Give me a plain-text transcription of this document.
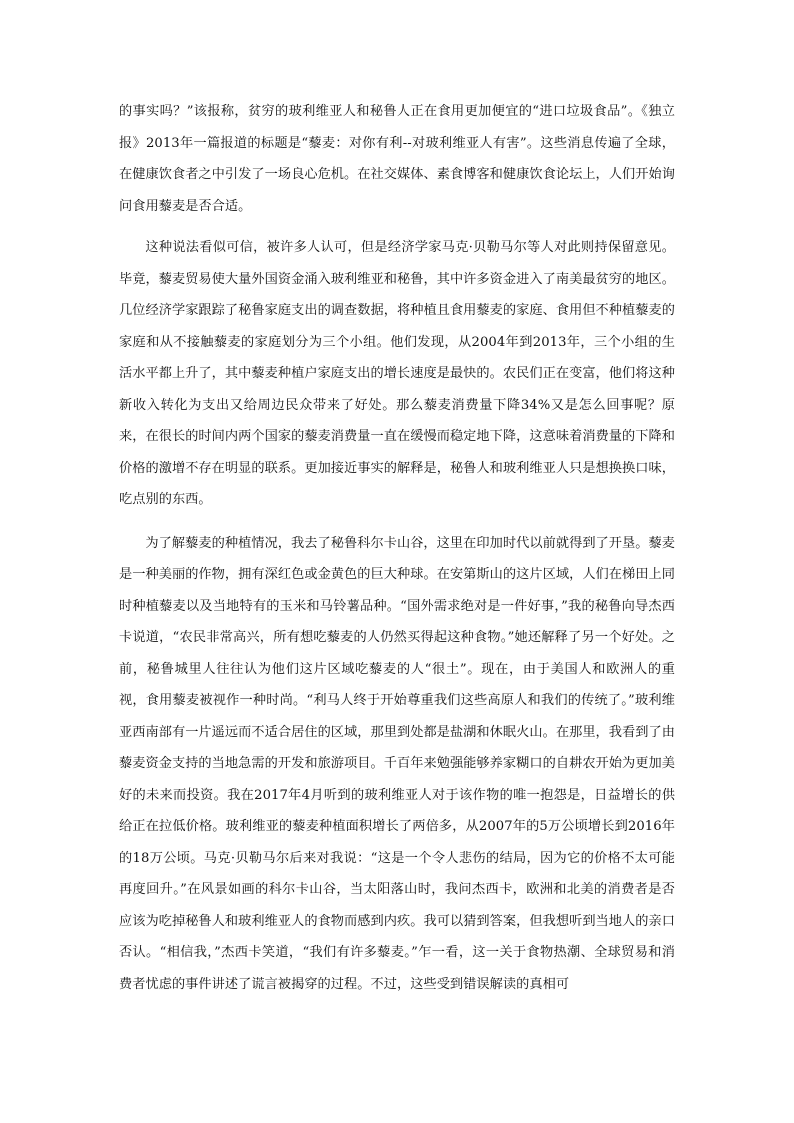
的事实吗？”该报称，贫穷的玻利维亚人和秘鲁人正在食用更加便宜的“进口垃圾食品”。《独立报》2013年一篇报道的标题是“藜麦：对你有利--对玻利维亚人有害”。这些消息传遍了全球，在健康饮食者之中引发了一场良心危机。在社交媒体、素食博客和健康饮食论坛上，人们开始询问食用藜麦是否合适。

这种说法看似可信，被许多人认可，但是经济学家马克·贝勒马尔等人对此则持保留意见。毕竟，藜麦贸易使大量外国资金涌入玻利维亚和秘鲁，其中许多资金进入了南美最贫穷的地区。几位经济学家跟踪了秘鲁家庭支出的调查数据，将种植且食用藜麦的家庭、食用但不种植藜麦的家庭和从不接触藜麦的家庭划分为三个小组。他们发现，从2004年到2013年，三个小组的生活水平都上升了，其中藜麦种植户家庭支出的增长速度是最快的。农民们正在变富，他们将这种新收入转化为支出又给周边民众带来了好处。那么藜麦消费量下降34%又是怎么回事呢？原来，在很长的时间内两个国家的藜麦消费量一直在缓慢而稳定地下降，这意味着消费量的下降和价格的激增不存在明显的联系。更加接近事实的解释是，秘鲁人和玻利维亚人只是想换换口味，吃点别的东西。

为了解藜麦的种植情况，我去了秘鲁科尔卡山谷，这里在印加时代以前就得到了开垦。藜麦是一种美丽的作物，拥有深红色或金黄色的巨大种球。在安第斯山的这片区域，人们在梯田上同时种植藜麦以及当地特有的玉米和马铃薯品种。“国外需求绝对是一件好事，”我的秘鲁向导杰西卡说道，“农民非常高兴，所有想吃藜麦的人仍然买得起这种食物。”她还解释了另一个好处。之前，秘鲁城里人往往认为他们这片区域吃藜麦的人“很土”。现在，由于美国人和欧洲人的重视，食用藜麦被视作一种时尚。“利马人终于开始尊重我们这些高原人和我们的传统了。”玻利维亚西南部有一片遥远而不适合居住的区域，那里到处都是盐湖和休眠火山。在那里，我看到了由藜麦资金支持的当地急需的开发和旅游项目。千百年来勉强能够养家糊口的自耕农开始为更加美好的未来而投资。我在2017年4月听到的玻利维亚人对于该作物的唯一抱怨是，日益增长的供给正在拉低价格。玻利维亚的藜麦种植面积增长了两倍多，从2007年的5万公顷增长到2016年的18万公顷。马克·贝勒马尔后来对我说：“这是一个令人悲伤的结局，因为它的价格不太可能再度回升。”在风景如画的科尔卡山谷，当太阳落山时，我问杰西卡，欧洲和北美的消费者是否应该为吃掉秘鲁人和玻利维亚人的食物而感到内疚。我可以猜到答案，但我想听到当地人的亲口否认。“相信我，”杰西卡笑道，“我们有许多藜麦。”乍一看，这一关于食物热潮、全球贸易和消费者忧虑的事件讲述了谎言被揭穿的过程。不过，这些受到错误解读的真相可
